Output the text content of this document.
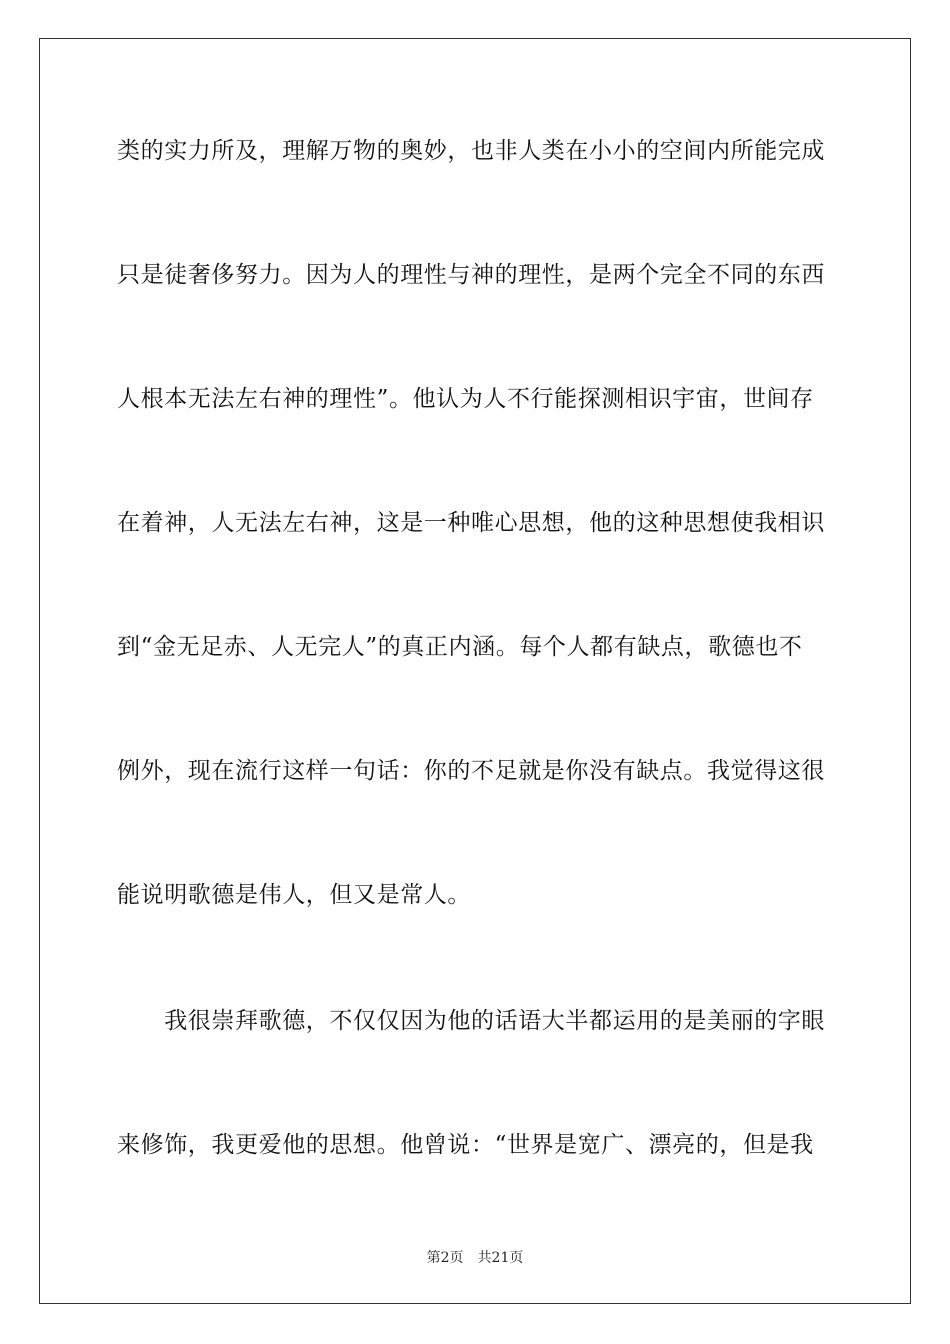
类的实力所及，理解万物的奥妙，也非人类在小小的空间内所能完成
只是徒奢侈努力。因为人的理性与神的理性，是两个完全不同的东西
人根本无法左右神的理性”。他认为人不行能探测相识宇宙，世间存
在着神，人无法左右神，这是一种唯心思想，他的这种思想使我相识
到“金无足赤、人无完人”的真正内涵。每个人都有缺点，歌德也不
例外，现在流行这样一句话：你的不足就是你没有缺点。我觉得这很
能说明歌德是伟人，但又是常人。
　　我很崇拜歌德，不仅仅因为他的话语大半都运用的是美丽的字眼
来修饰，我更爱他的思想。他曾说：“世界是宽广、漂亮的，但是我
第2页 共21页
